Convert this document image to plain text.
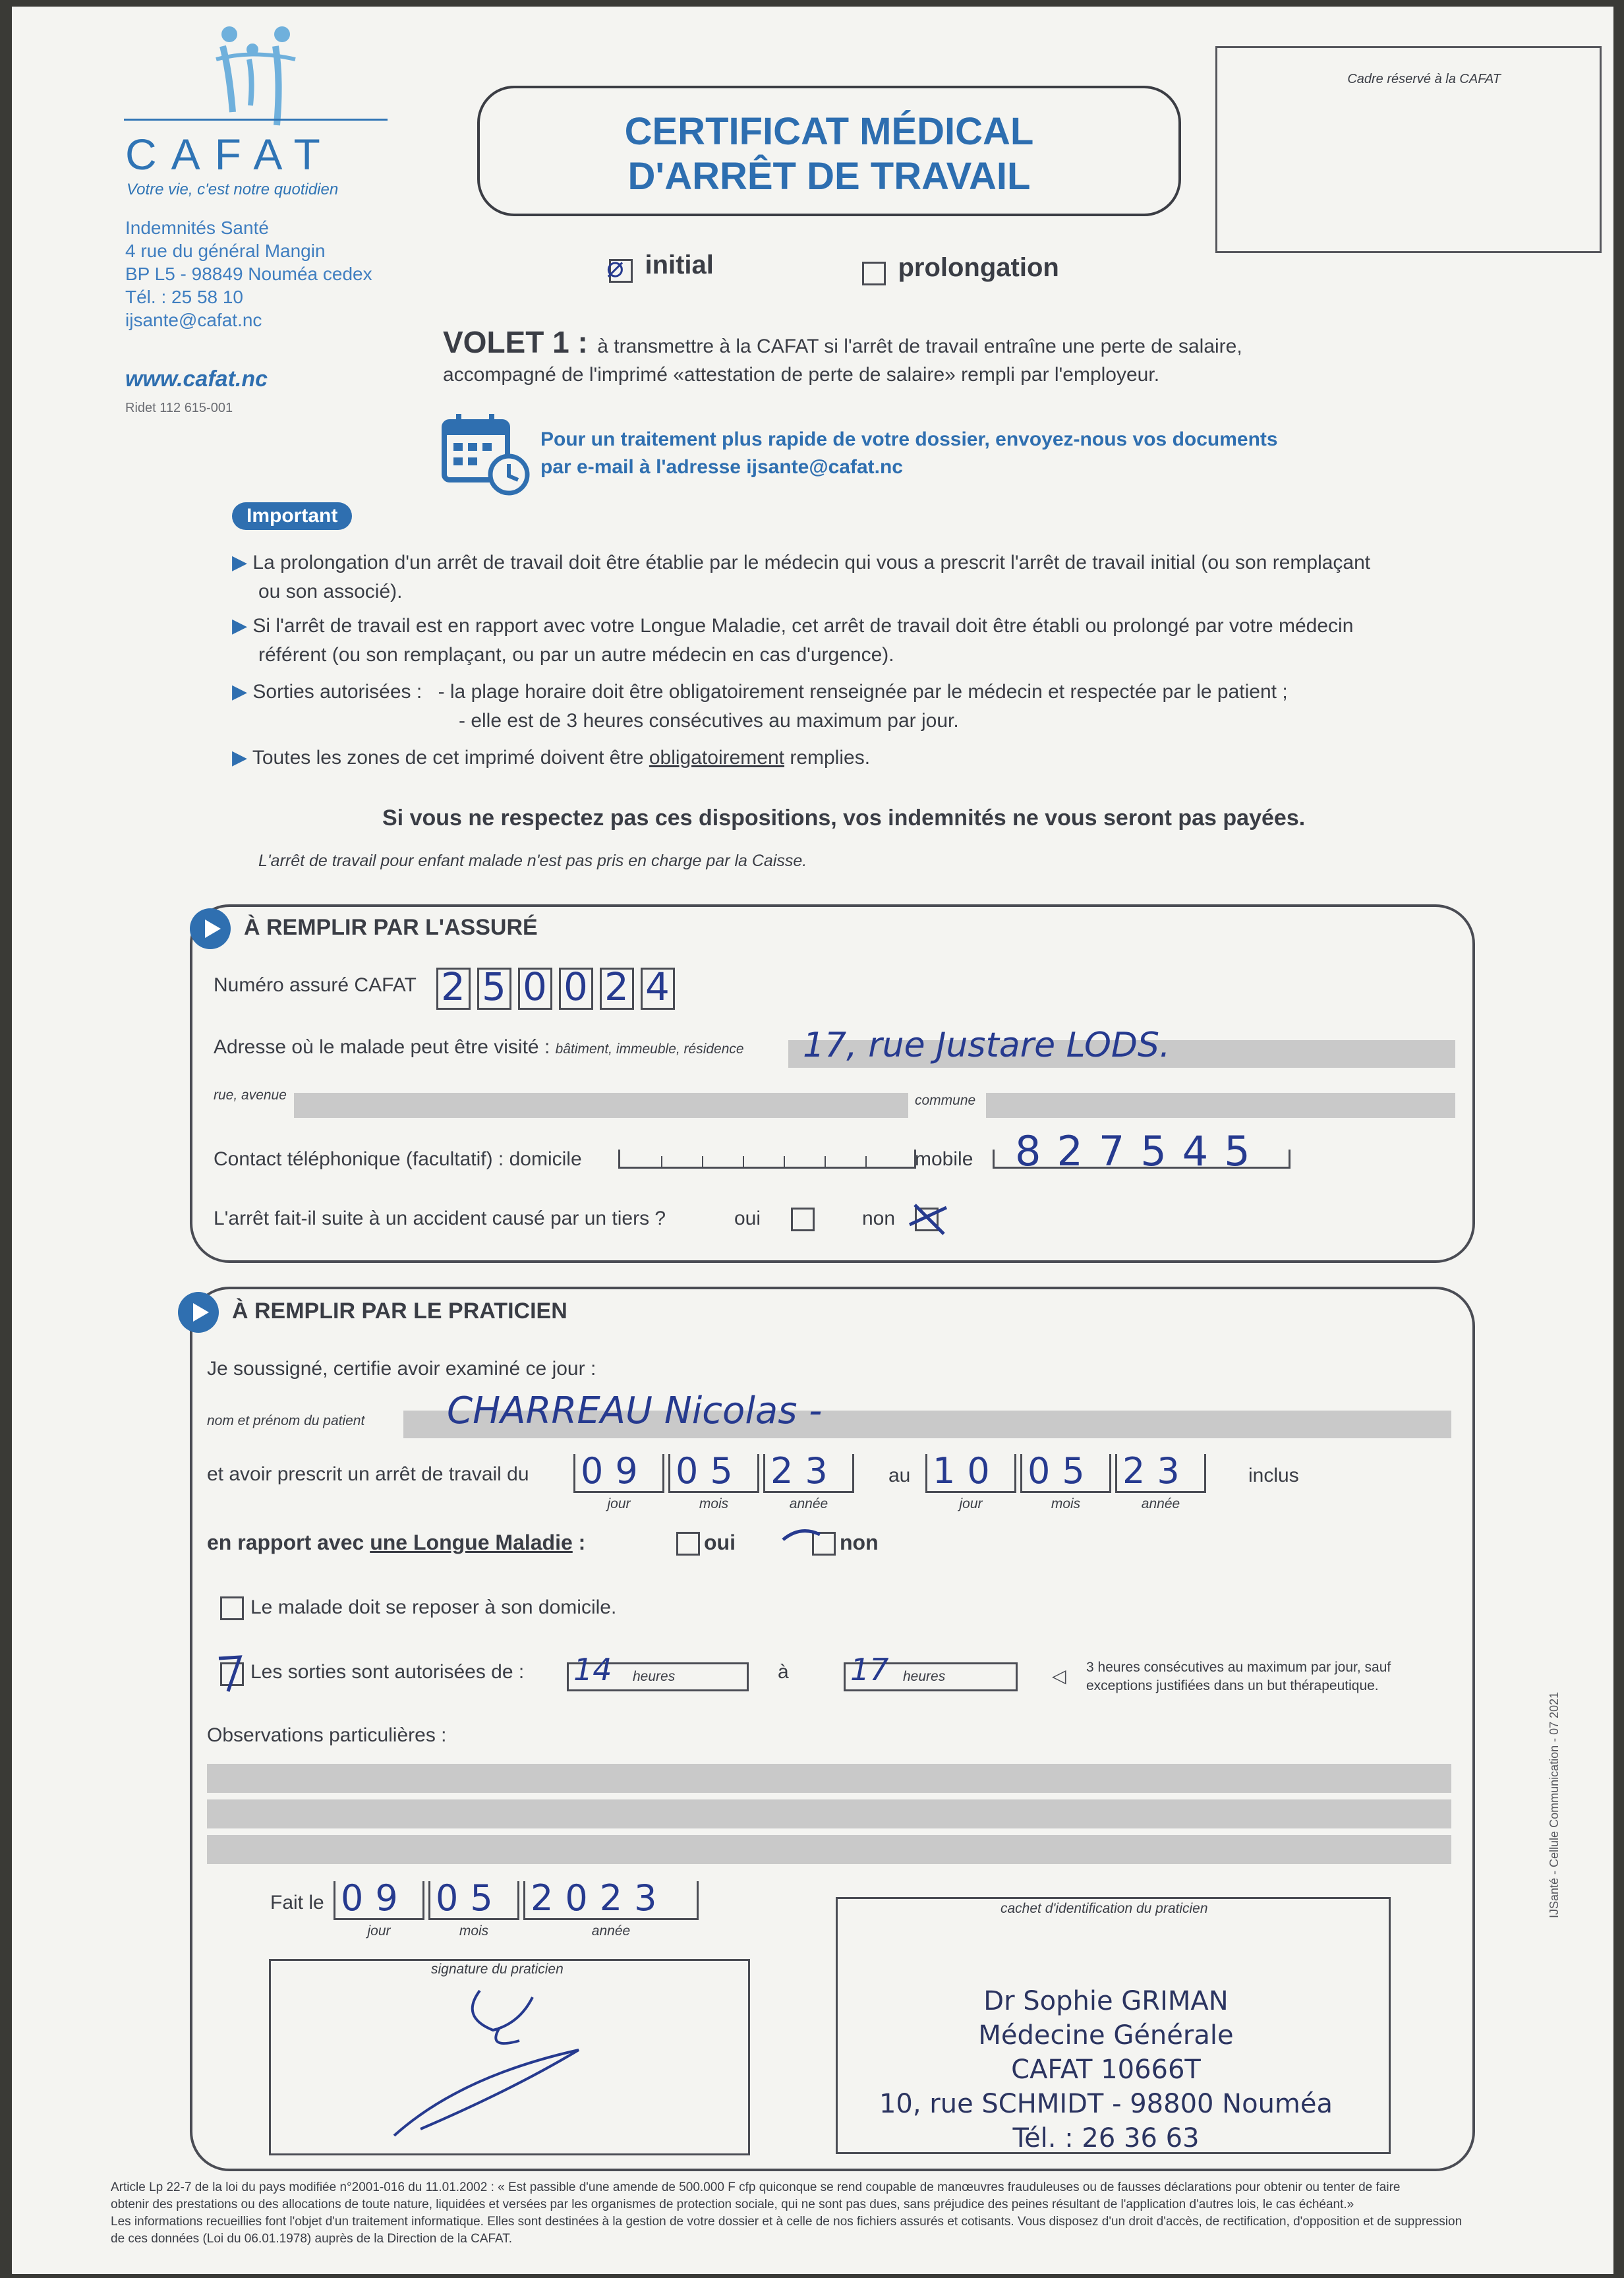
CAFAT
Votre vie, c'est notre quotidien
Indemnités Santé
4 rue du général Mangin
BP L5 - 98849 Nouméa cedex
Tél. : 25 58 10
ijsante@cafat.nc
www.cafat.nc
Ridet 112 615-001
CERTIFICAT MÉDICAL
D'ARRÊT DE TRAVAIL
Cadre réservé à la CAFAT
⌀ initial	prolongation
VOLET 1 : à transmettre à la CAFAT si l'arrêt de travail entraîne une perte de salaire,
accompagné de l'imprimé «attestation de perte de salaire» rempli par l'employeur.
Pour un traitement plus rapide de votre dossier, envoyez-nous vos documents
par e-mail à l'adresse ijsante@cafat.nc
Important
▶ La prolongation d'un arrêt de travail doit être établie par le médecin qui vous a prescrit l'arrêt de travail initial (ou son remplaçant
ou son associé).
▶ Si l'arrêt de travail est en rapport avec votre Longue Maladie, cet arrêt de travail doit être établi ou prolongé par votre médecin
référent (ou son remplaçant, ou par un autre médecin en cas d'urgence).
▶ Sorties autorisées : - la plage horaire doit être obligatoirement renseignée par le médecin et respectée par le patient ;
- elle est de 3 heures consécutives au maximum par jour.
▶ Toutes les zones de cet imprimé doivent être obligatoirement remplies.
Si vous ne respectez pas ces dispositions, vos indemnités ne vous seront pas payées.
L'arrêt de travail pour enfant malade n'est pas pris en charge par la Caisse.
À REMPLIR PAR L'ASSURÉ
Numéro assuré CAFAT 2 5 0 0 2 4
Adresse où le malade peut être visité : bâtiment, immeuble, résidence 17, rue Justare LODS.
rue, avenue	commune
Contact téléphonique (facultatif) : domicile	mobile 827545
L'arrêt fait-il suite à un accident causé par un tiers ?	oui	non
À REMPLIR PAR LE PRATICIEN
Je soussigné, certifie avoir examiné ce jour :
nom et prénom du patient CHARREAU Nicolas -
et avoir prescrit un arrêt de travail du 09
jour
05
mois
23
année
au 10
jour
05
mois
23
année
inclus
en rapport avec une Longue Maladie :	oui	non
Le malade doit se reposer à son domicile.
Les sorties sont autorisées de : 14 heures	à 17 heures	◁ 3 heures consécutives au maximum par jour, sauf
exceptions justifiées dans un but thérapeutique.
Observations particulières :
Fait le 09
jour
05
mois
2023
année
cachet d'identification du praticien
Dr Sophie GRIMAN
Médecine Générale
CAFAT 10666T
10, rue SCHMIDT - 98800 Nouméa
Tél. : 26 36 63
signature du praticien
IJSanté - Cellule Communication - 07 2021
Article Lp 22-7 de la loi du pays modifiée n°2001-016 du 11.01.2002 : « Est passible d'une amende de 500.000 F cfp quiconque se rend coupable de manœuvres frauduleuses ou de fausses déclarations pour obtenir ou tenter de faire
obtenir des prestations ou des allocations de toute nature, liquidées et versées par les organismes de protection sociale, qui ne sont pas dues, sans préjudice des peines résultant de l'application d'autres lois, le cas échéant.»
Les informations recueillies font l'objet d'un traitement informatique. Elles sont destinées à la gestion de votre dossier et à celle de nos fichiers assurés et cotisants. Vous disposez d'un droit d'accès, de rectification, d'opposition et de suppression
de ces données (Loi du 06.01.1978) auprès de la Direction de la CAFAT.
